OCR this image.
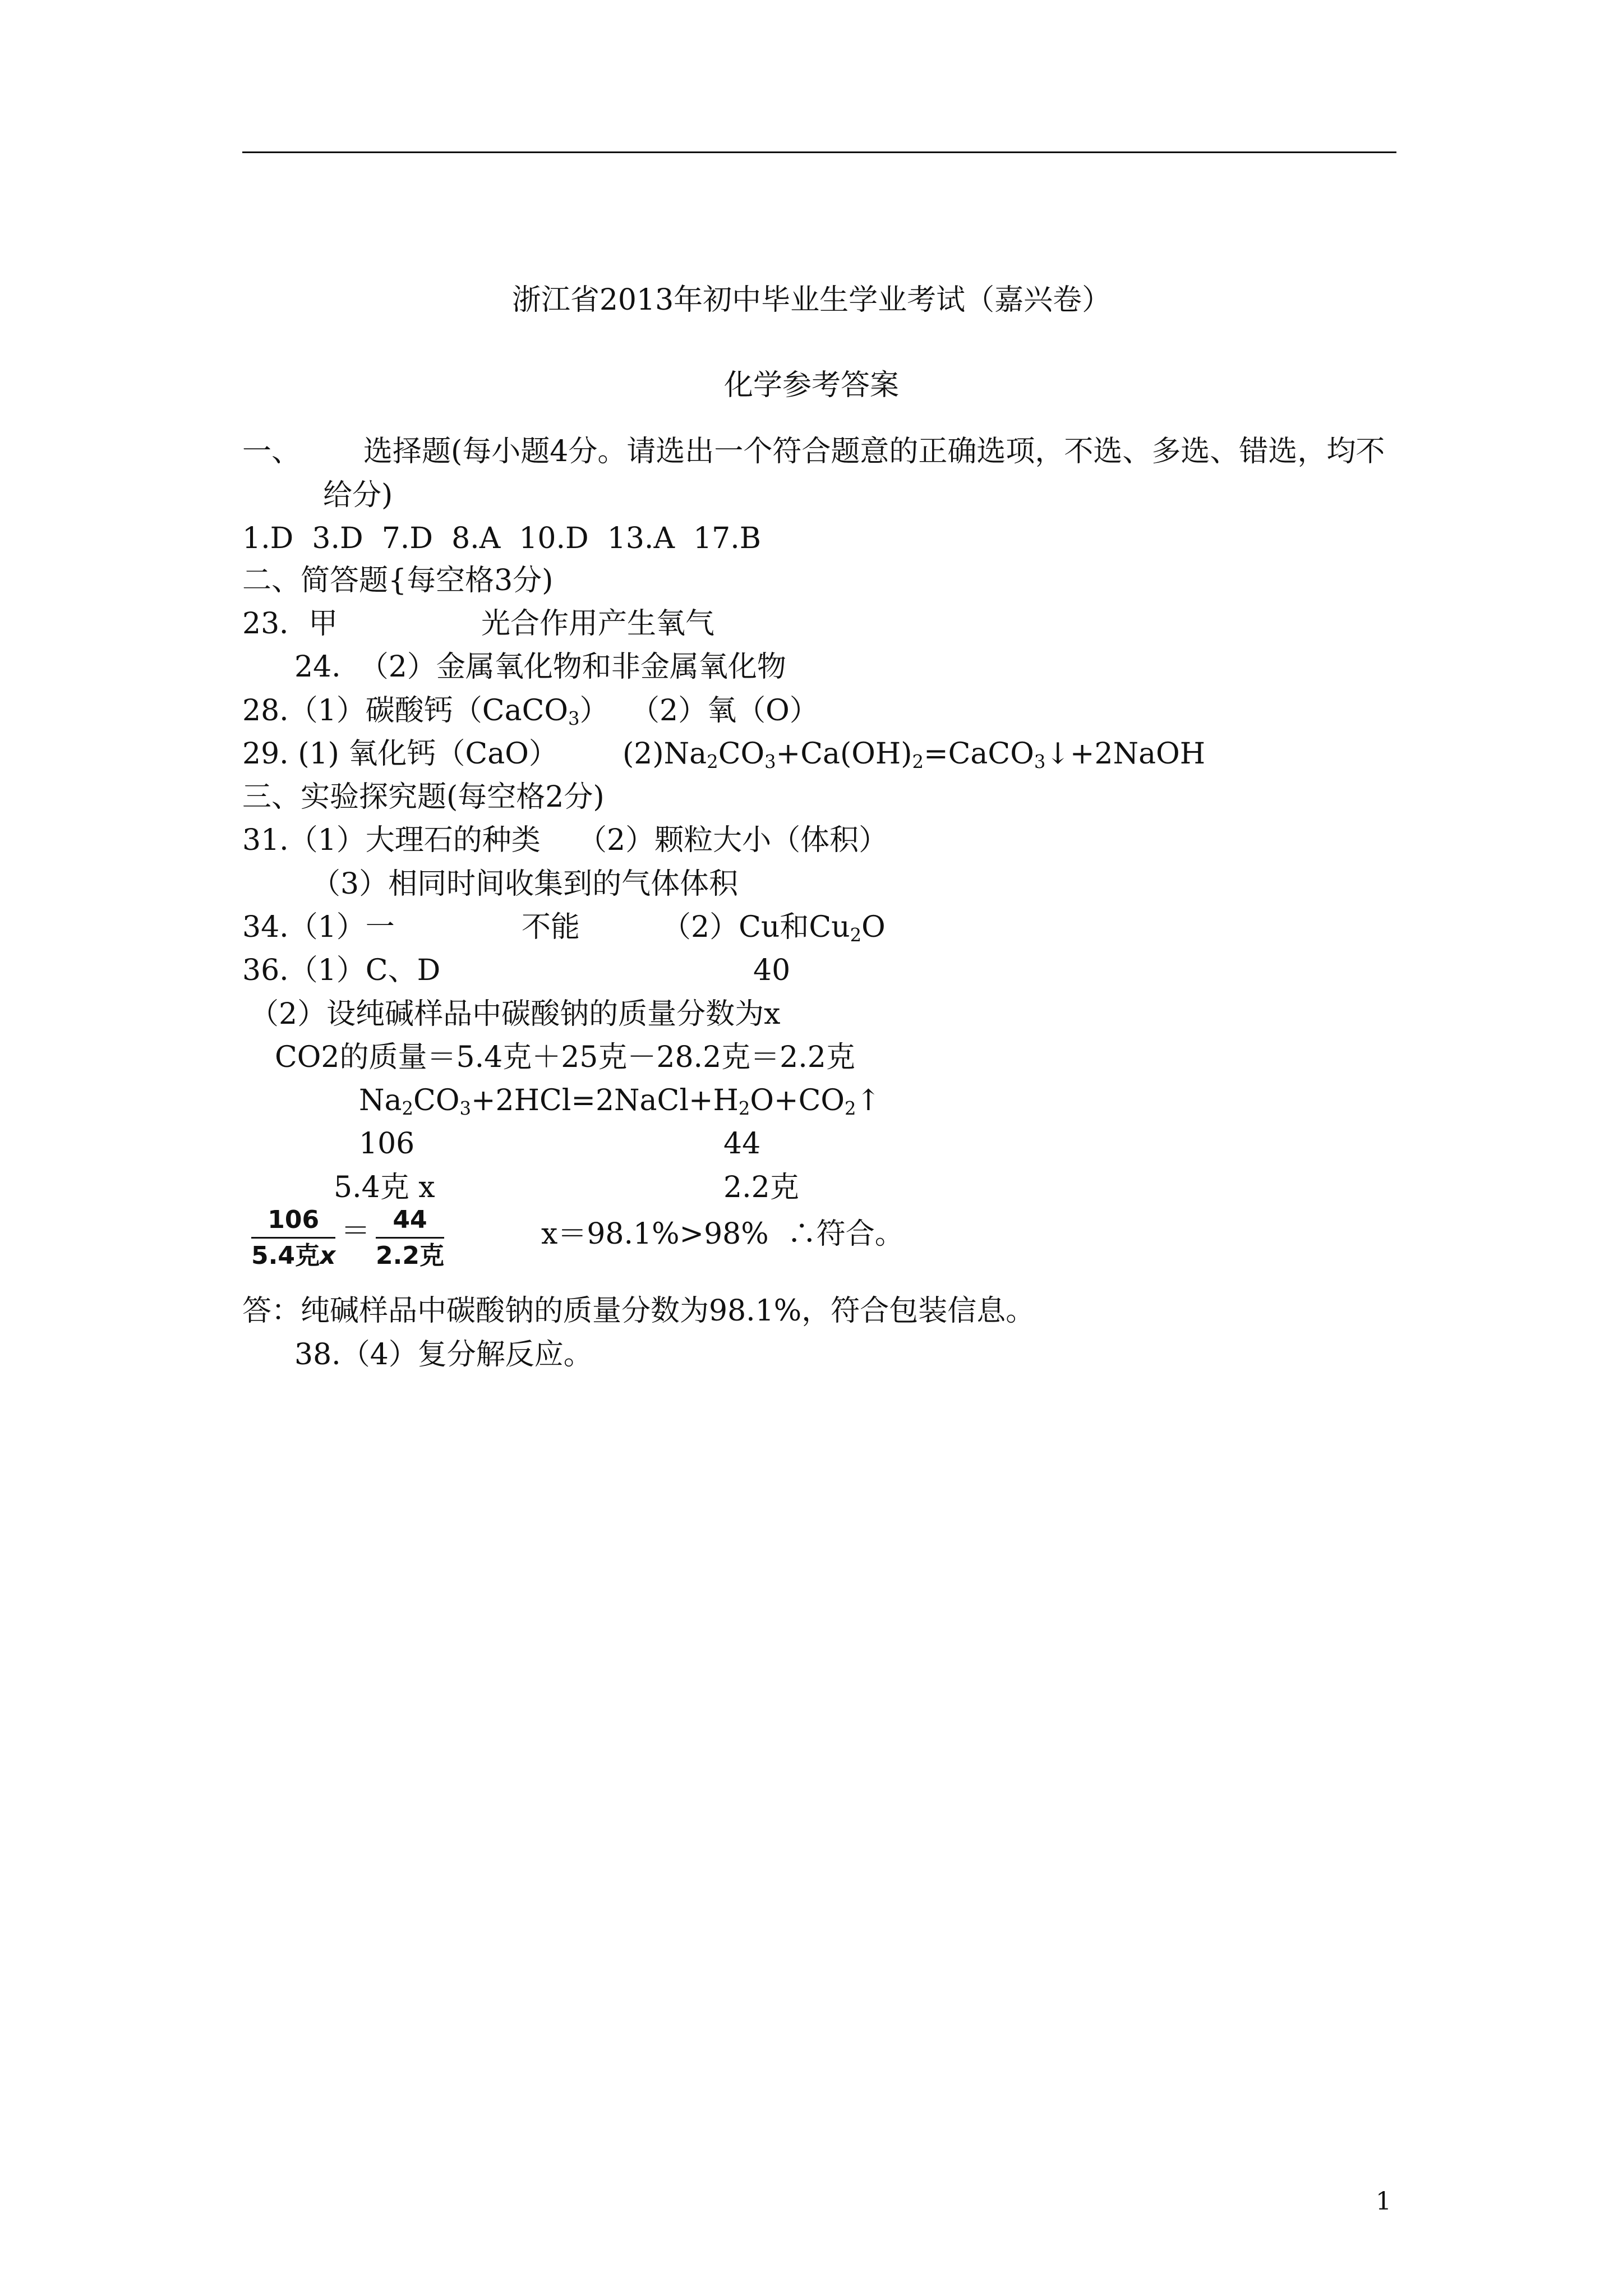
浙江省2013年初中毕业生学业考试（嘉兴卷）
化学参考答案
一、 选择题(每小题4分。请选出一个符合题意的正确选项，不选、多选、错选，均不
给分)
1.D  3.D  7.D  8.A  10.D  13.A  17.B
二、简答题{每空格3分)
23．甲	光合作用产生氧气
24.  （2）金属氧化物和非金属氧化物
28.（1）碳酸钙（CaCO$_3$） （2）氧（O）
29. (1) 氧化钙（CaO） $(2)Na_2CO_3+Ca(OH)_2=CaCO_3↓+2NaOH$
三、实验探究题(每空格2分)
31.（1）大理石的种类 （2）颗粒大小（体积）
（3）相同时间收集到的气体体积
34.（1）一	不能	（2）Cu和$Cu_2O$
36.（1）C、D	40
（2）设纯碱样品中碳酸钠的质量分数为x
CO2的质量＝5.4克＋25克－28.2克＝2.2克
$Na_2CO_3+2HCl=2NaCl+H_2O+CO_2↑$
106	44
5.4克 x	2.2克
106
5.4克x
＝ 44
2.2克
x＝98.1%>98%  ∴符合。
答：纯碱样品中碳酸钠的质量分数为98.1%，符合包装信息。
38.（4）复分解反应。
1
